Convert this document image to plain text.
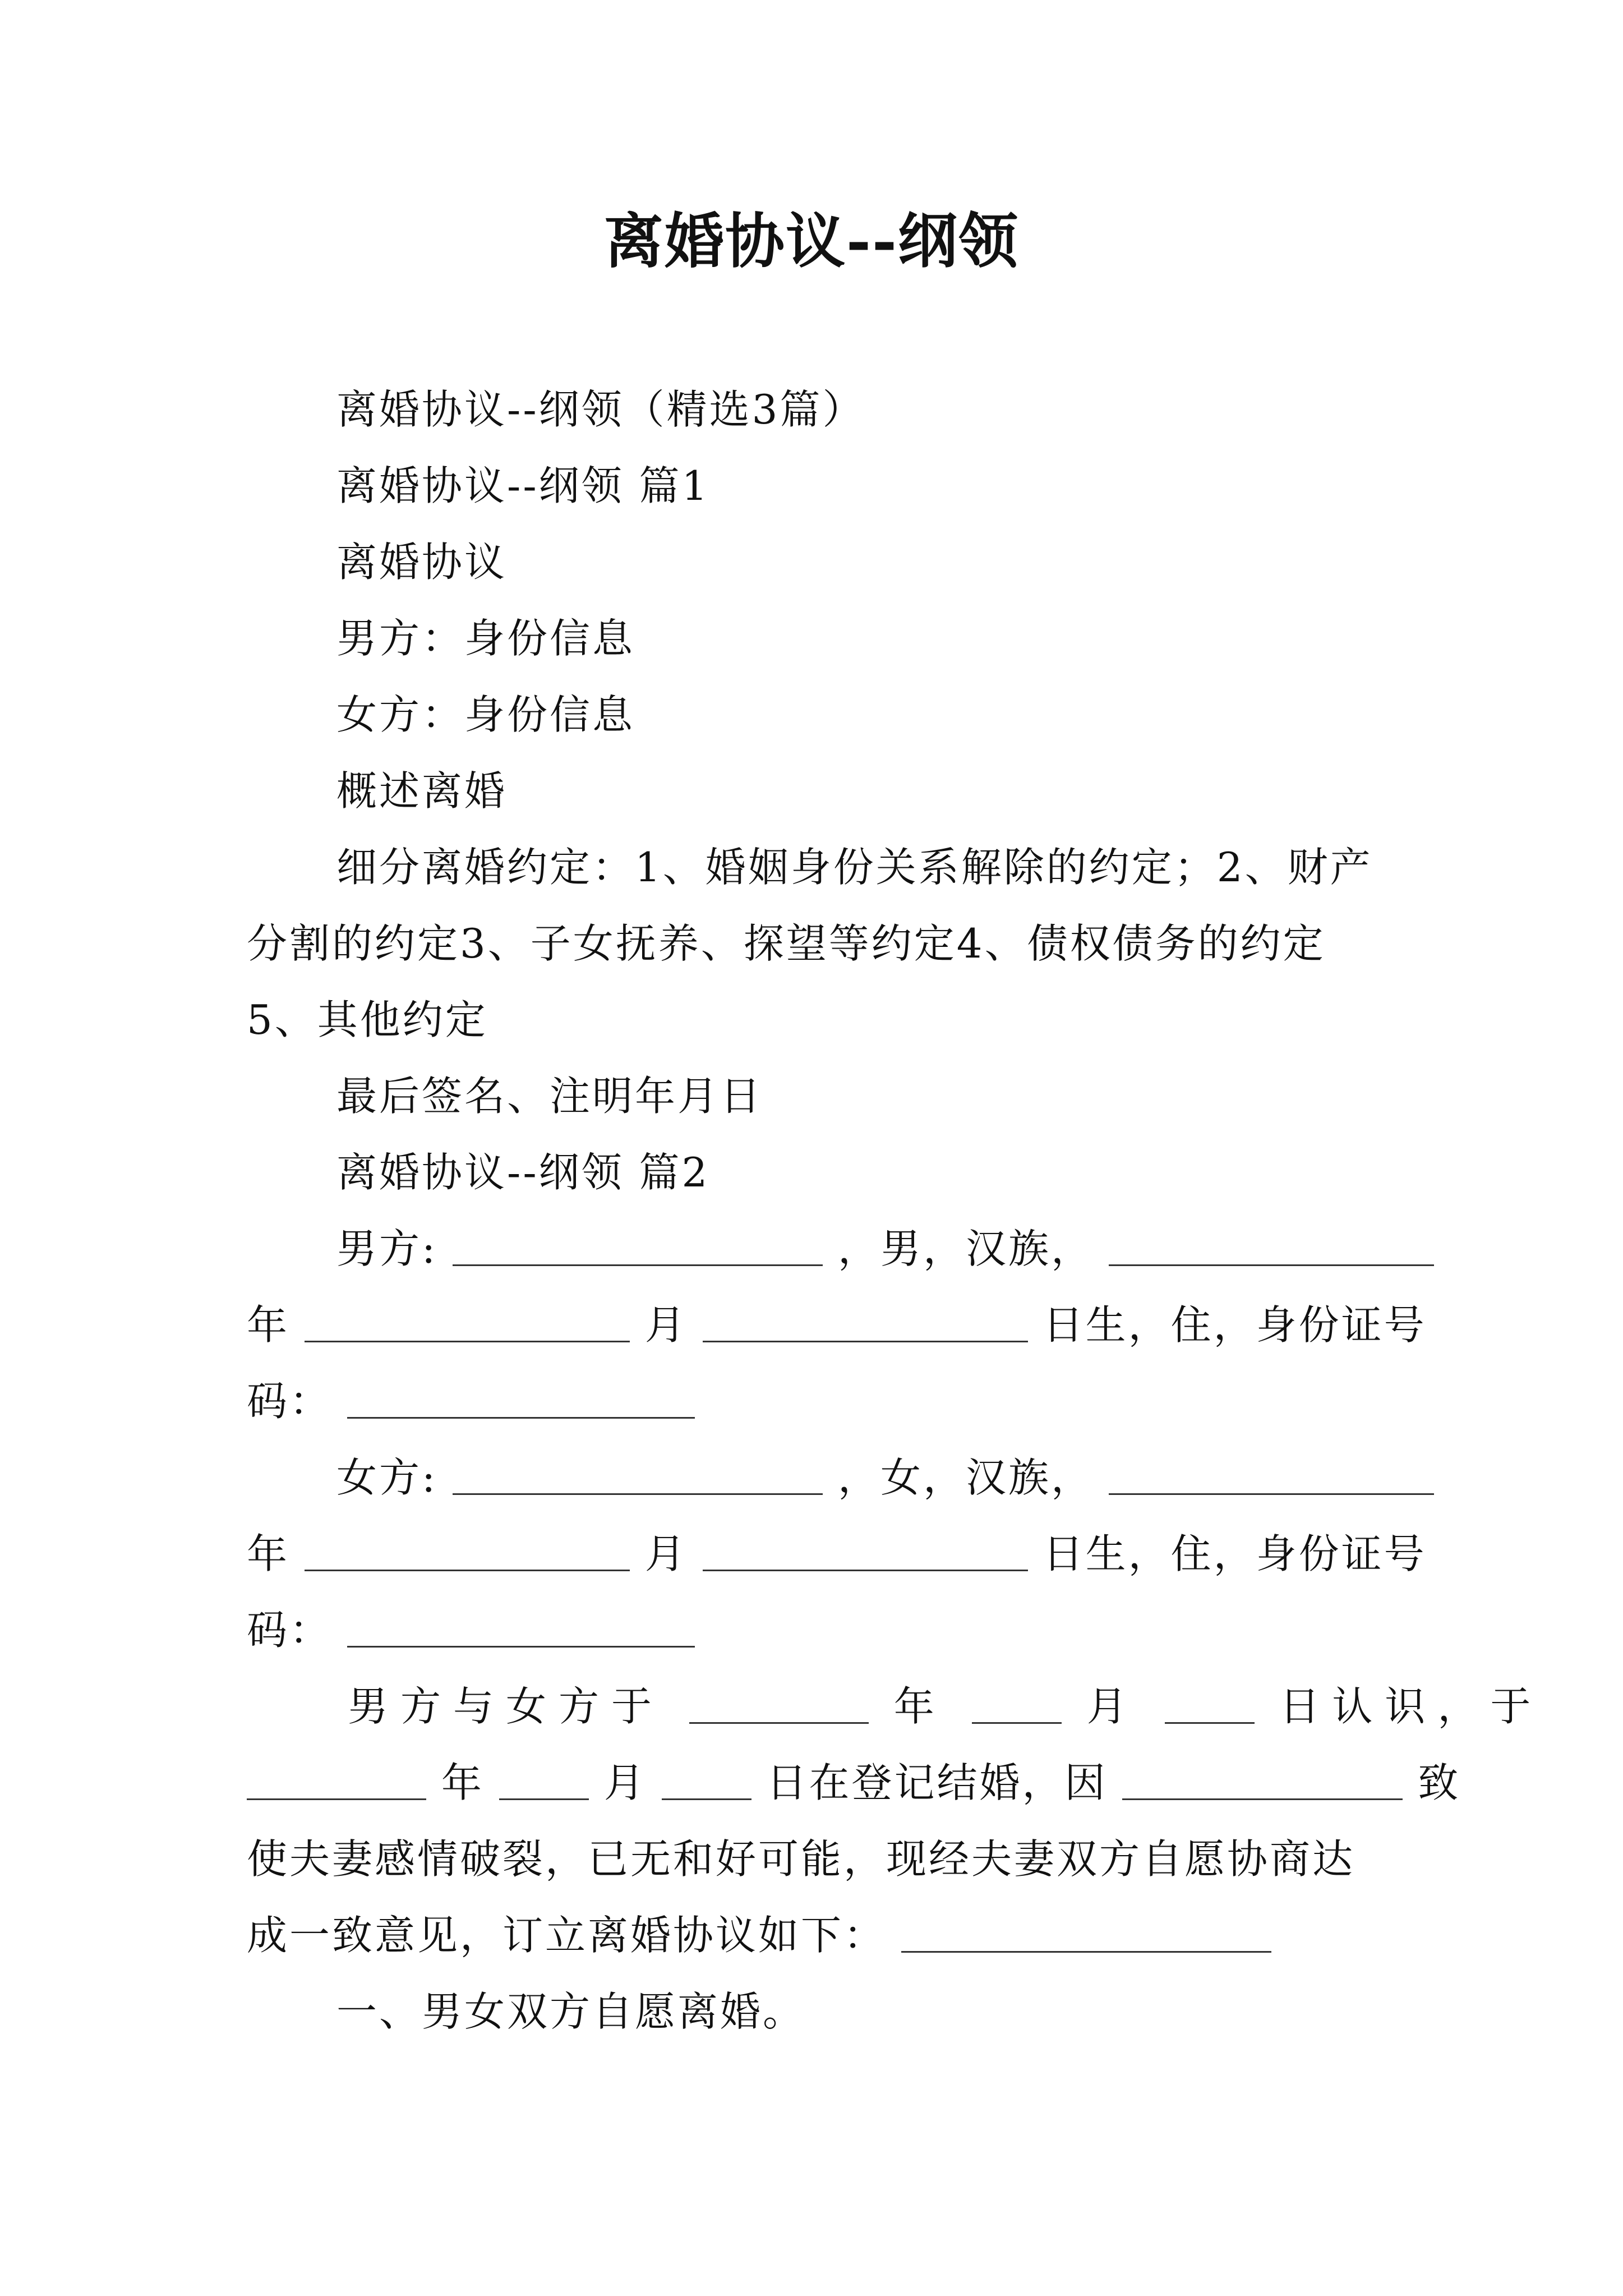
离婚协议--纲领
离婚协议--纲领（精选3篇）
离婚协议--纲领 篇1
离婚协议
男方：身份信息
女方：身份信息
概述离婚
细分离婚约定：1、婚姻身份关系解除的约定；2、财产
分割的约定3、子女抚养、探望等约定4、债权债务的约定
5、其他约定
最后签名、注明年月日
离婚协议--纲领 篇2
男方:	，男，汉族，
年	月	日生，住，身份证号
码：
女方:	，女，汉族，
年	月	日生，住，身份证号
码：
男方与女方于	年	月	日认识，于
年	月	日在登记结婚，因	致
使夫妻感情破裂，已无和好可能，现经夫妻双方自愿协商达
成一致意见，订立离婚协议如下：
一、男女双方自愿离婚。
